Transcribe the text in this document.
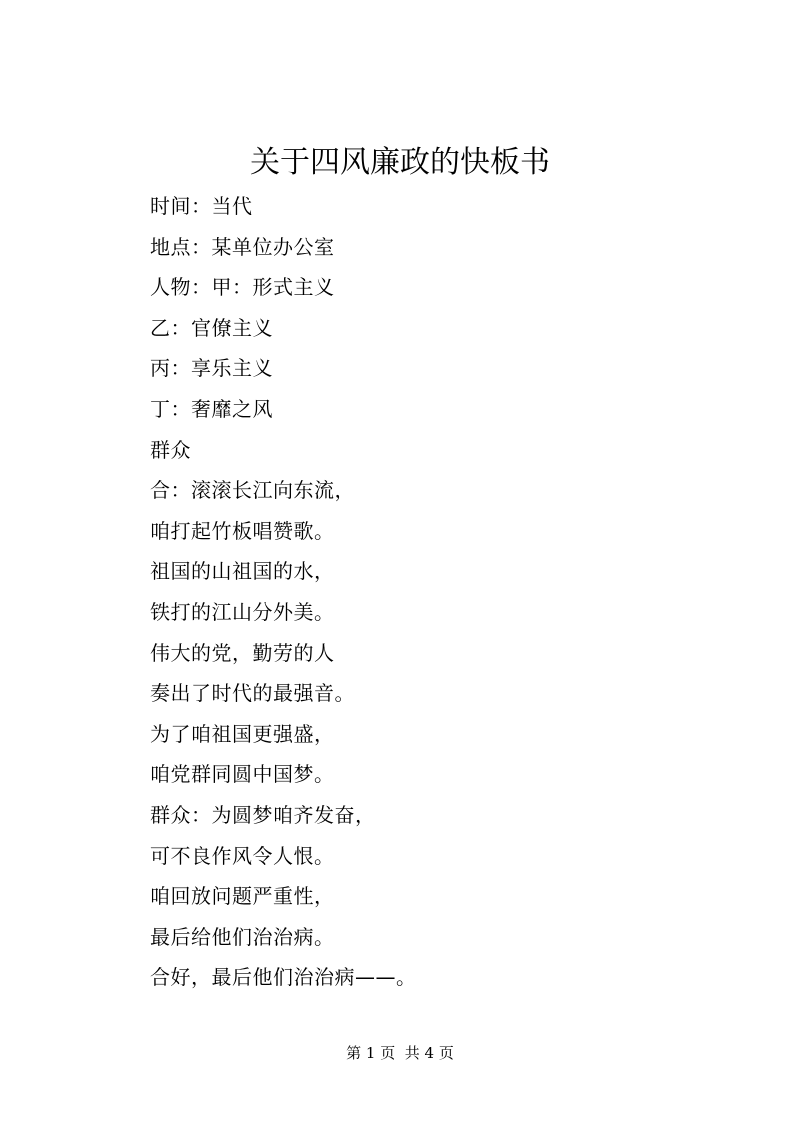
关于四风廉政的快板书
时间：当代
地点：某单位办公室
人物：甲：形式主义
乙：官僚主义
丙：享乐主义
丁：奢靡之风
群众
合：滚滚长江向东流，
咱打起竹板唱赞歌。
祖国的山祖国的水，
铁打的江山分外美。
伟大的党，勤劳的人
奏出了时代的最强音。
为了咱祖国更强盛，
咱党群同圆中国梦。
群众：为圆梦咱齐发奋，
可不良作风令人恨。
咱回放问题严重性，
最后给他们治治病。
合好，最后他们治治病——。
第 1 页  共 4 页
